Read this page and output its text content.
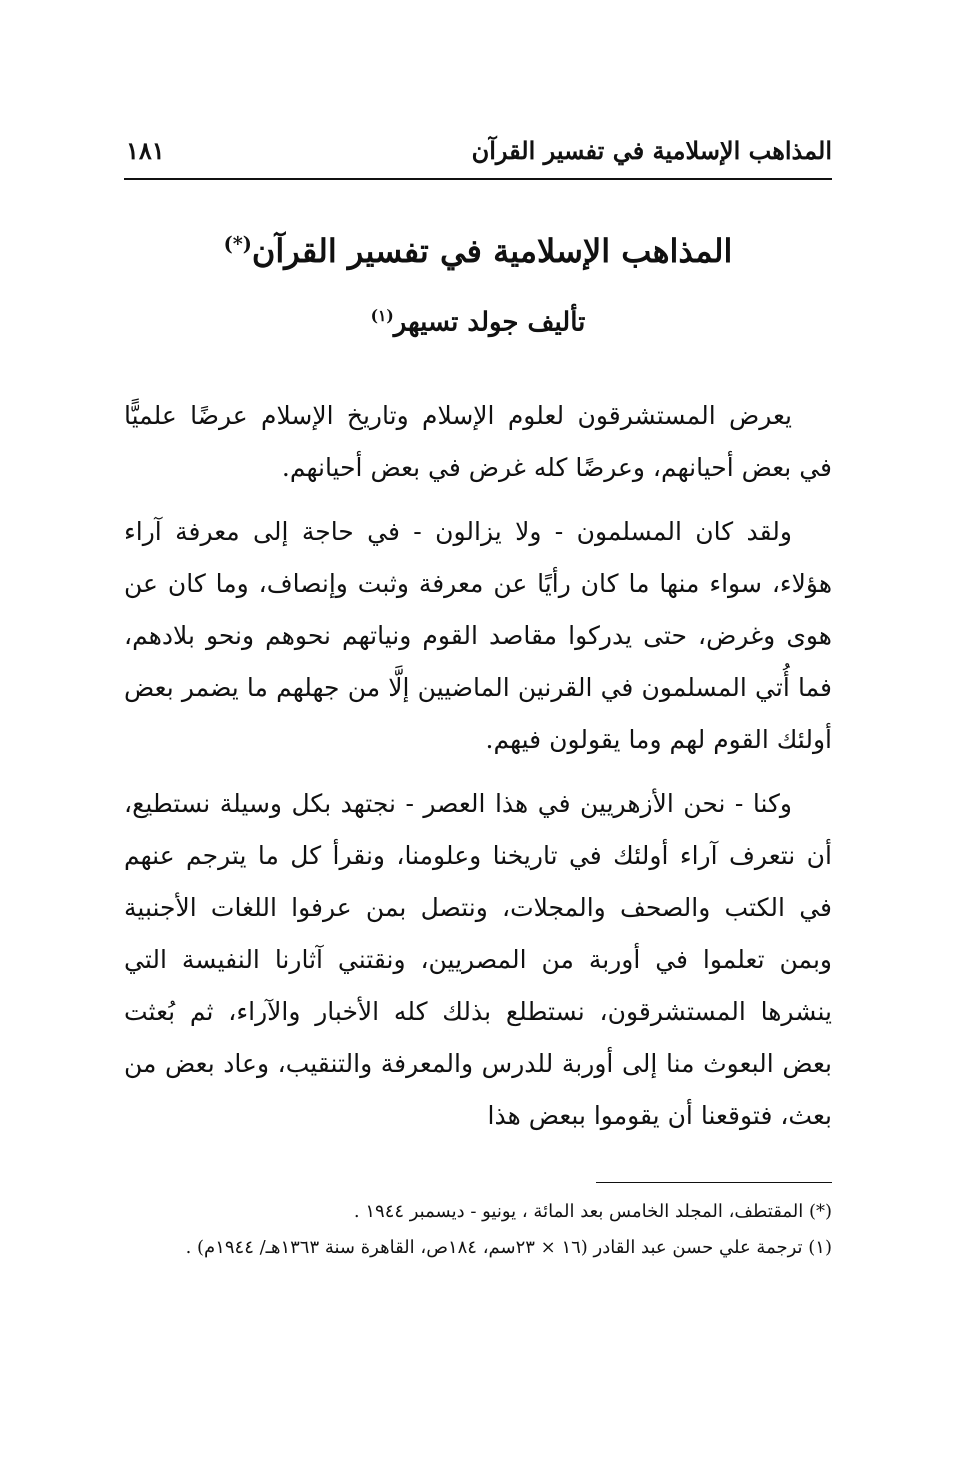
المذاهب الإسلامية في تفسير القرآن
١٨١
المذاهب الإسلامية في تفسير القرآن(*)
تأليف جولد تسيهر$^{(١)}$

يعرض المستشرقون لعلوم الإسلام وتاريخ الإسلام عرضًا علميًّا في بعض أحيانهم، وعرضًا كله غرض في بعض أحيانهم.

ولقد كان المسلمون - ولا يزالون - في حاجة إلى معرفة آراء هؤلاء، سواء منها ما كان رأيًا عن معرفة وثبت وإنصاف، وما كان عن هوى وغرض، حتى يدركوا مقاصد القوم ونياتهم نحوهم ونحو بلادهم، فما أُتي المسلمون في القرنين الماضيين إلَّا من جهلهم ما يضمر بعض أولئك القوم لهم وما يقولون فيهم.

وكنا - نحن الأزهريين في هذا العصر - نجتهد بكل وسيلة نستطيع، أن نتعرف آراء أولئك في تاريخنا وعلومنا، ونقرأ كل ما يترجم عنهم في الكتب والصحف والمجلات، ونتصل بمن عرفوا اللغات الأجنبية وبمن تعلموا في أوربة من المصريين، ونقتني آثارنا النفيسة التي ينشرها المستشرقون، نستطلع بذلك كله الأخبار والآراء، ثم بُعثت بعض البعوث منا إلى أوربة للدرس والمعرفة والتنقيب، وعاد بعض من بعث، فتوقعنا أن يقوموا ببعض هذا

(*) المقتطف، المجلد الخامس بعد المائة ، يونيو - ديسمبر ١٩٤٤ .

(١) ترجمة علي حسن عبد القادر (١٦ × ٢٣سم، ١٨٤ص، القاهرة سنة ١٣٦٣هـ/ ١٩٤٤م) .
